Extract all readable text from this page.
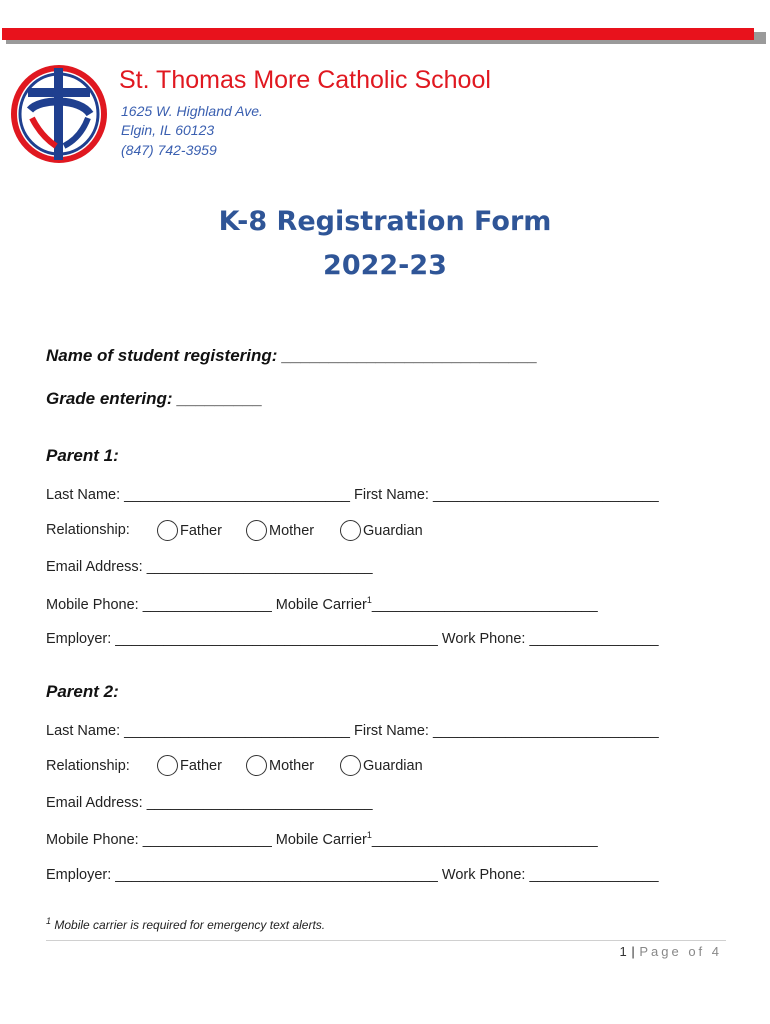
St. Thomas More Catholic School
1625 W. Highland Ave.
Elgin, IL 60123
(847) 742-3959
K-8 Registration Form
2022-23
Name of student registering: ___________________________
Grade entering: _________
Parent 1:
Last Name: ____________________________ First Name: ____________________________
Relationship:	Father	Mother	Guardian
Email Address: ____________________________
Mobile Phone: ________________ Mobile Carrier$^1$____________________________
Employer: ________________________________________ Work Phone: ________________
Parent 2:
Last Name: ____________________________ First Name: ____________________________
Relationship:	Father	Mother	Guardian
Email Address: ____________________________
Mobile Phone: ________________ Mobile Carrier$^1$____________________________
Employer: ________________________________________ Work Phone: ________________
$^1$ Mobile carrier is required for emergency text alerts.
1 | Page of 4
